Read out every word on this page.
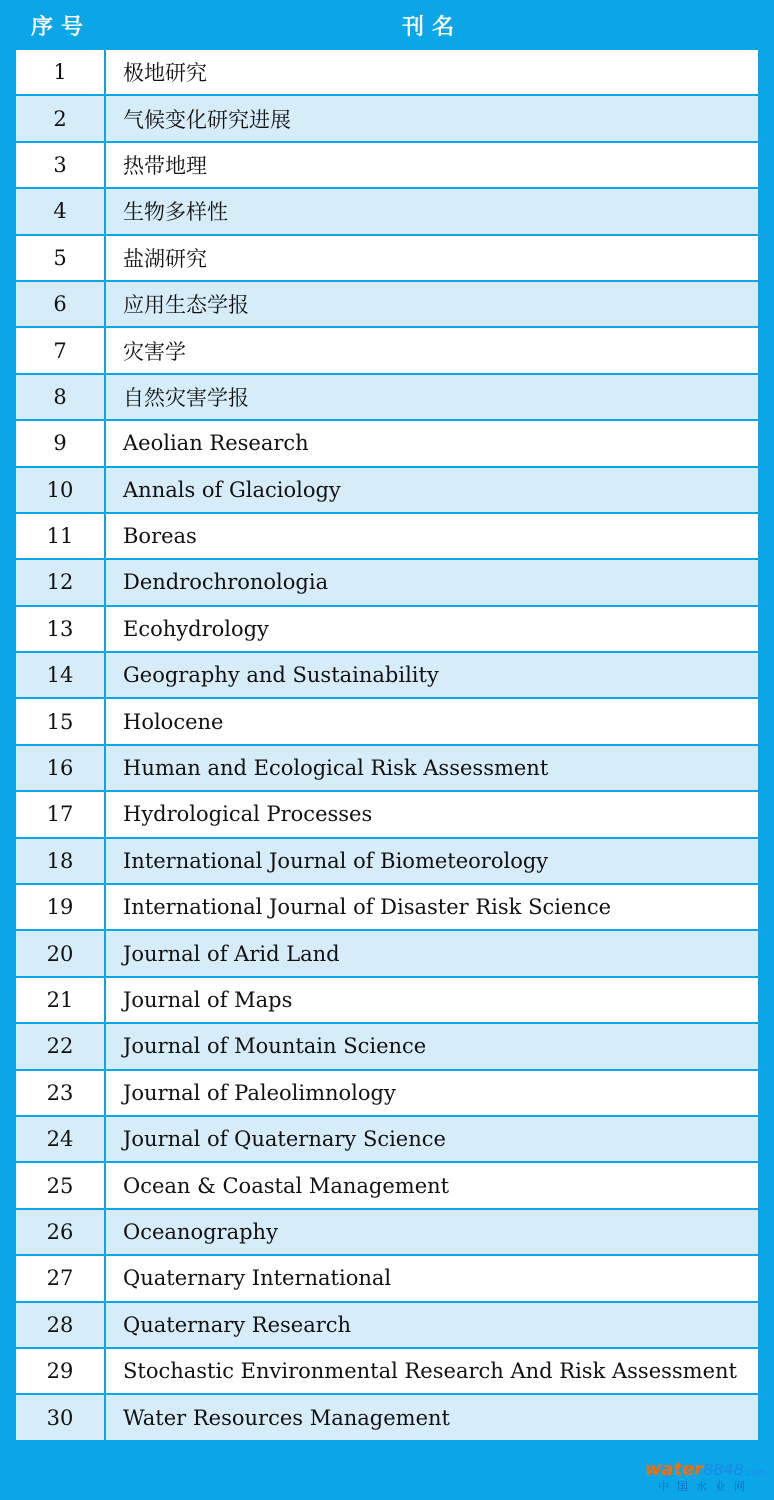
序号	刊名
1	极地研究
2	气候变化研究进展
3	热带地理
4	生物多样性
5	盐湖研究
6	应用生态学报
7	灾害学
8	自然灾害学报
9	Aeolian Research
10	Annals of Glaciology
11	Boreas
12	Dendrochronologia
13	Ecohydrology
14	Geography and Sustainability
15	Holocene
16	Human and Ecological Risk Assessment
17	Hydrological Processes
18	International Journal of Biometeorology
19	International Journal of Disaster Risk Science
20	Journal of Arid Land
21	Journal of Maps
22	Journal of Mountain Science
23	Journal of Paleolimnology
24	Journal of Quaternary Science
25	Ocean & Coastal Management
26	Oceanography
27	Quaternary International
28	Quaternary Research
29	Stochastic Environmental Research And Risk Assessment
30	Water Resources Management
water8848.com
中国水业网
